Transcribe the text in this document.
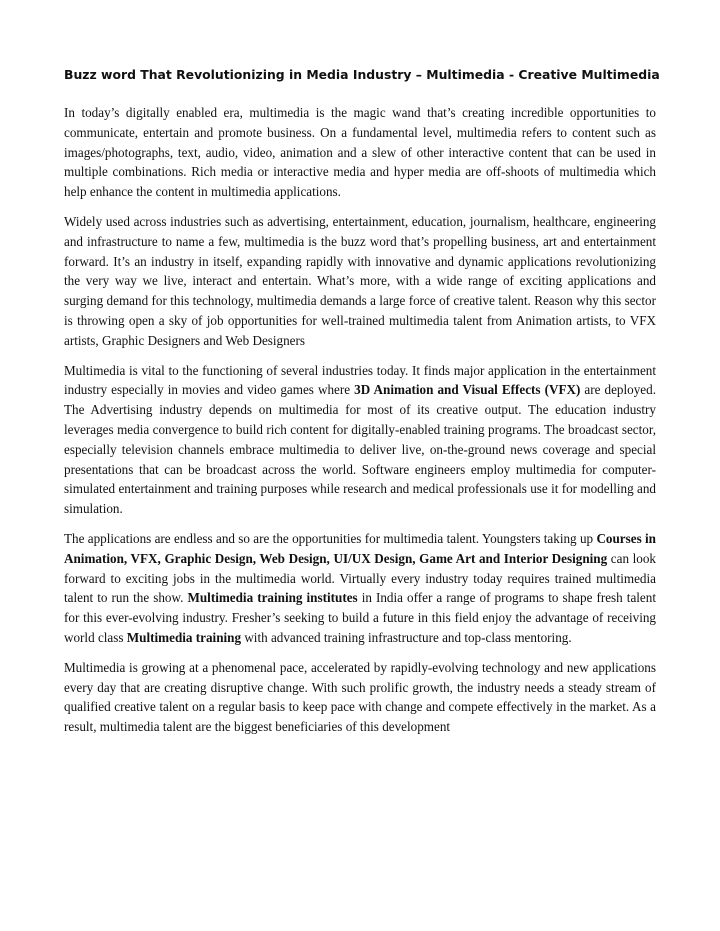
Buzz word That Revolutionizing in Media Industry – Multimedia - Creative Multimedia

In today’s digitally enabled era, multimedia is the magic wand that’s creating incredible opportunities to communicate, entertain and promote business. On a fundamental level, multimedia refers to content such as images/photographs, text, audio, video, animation and a slew of other interactive content that can be used in multiple combinations. Rich media or interactive media and hyper media are off-shoots of multimedia which help enhance the content in multimedia applications.

Widely used across industries such as advertising, entertainment, education, journalism, healthcare, engineering and infrastructure to name a few, multimedia is the buzz word that’s propelling business, art and entertainment forward. It’s an industry in itself, expanding rapidly with innovative and dynamic applications revolutionizing the very way we live, interact and entertain. What’s more, with a wide range of exciting applications and surging demand for this technology, multimedia demands a large force of creative talent. Reason why this sector is throwing open a sky of job opportunities for well-trained multimedia talent from Animation artists, to VFX artists, Graphic Designers and Web Designers

Multimedia is vital to the functioning of several industries today. It finds major application in the entertainment industry especially in movies and video games where 3D Animation and Visual Effects (VFX) are deployed. The Advertising industry depends on multimedia for most of its creative output. The education industry leverages media convergence to build rich content for digitally-enabled training programs. The broadcast sector, especially television channels embrace multimedia to deliver live, on-the-ground news coverage and special presentations that can be broadcast across the world. Software engineers employ multimedia for computer-simulated entertainment and training purposes while research and medical professionals use it for modelling and simulation.

The applications are endless and so are the opportunities for multimedia talent. Youngsters taking up Courses in Animation, VFX, Graphic Design, Web Design, UI/UX Design, Game Art and Interior Designing can look forward to exciting jobs in the multimedia world. Virtually every industry today requires trained multimedia talent to run the show. Multimedia training institutes in India offer a range of programs to shape fresh talent for this ever-evolving industry. Fresher’s seeking to build a future in this field enjoy the advantage of receiving world class Multimedia training with advanced training infrastructure and top-class mentoring.

Multimedia is growing at a phenomenal pace, accelerated by rapidly-evolving technology and new applications every day that are creating disruptive change. With such prolific growth, the industry needs a steady stream of qualified creative talent on a regular basis to keep pace with change and compete effectively in the market. As a result, multimedia talent are the biggest beneficiaries of this development
